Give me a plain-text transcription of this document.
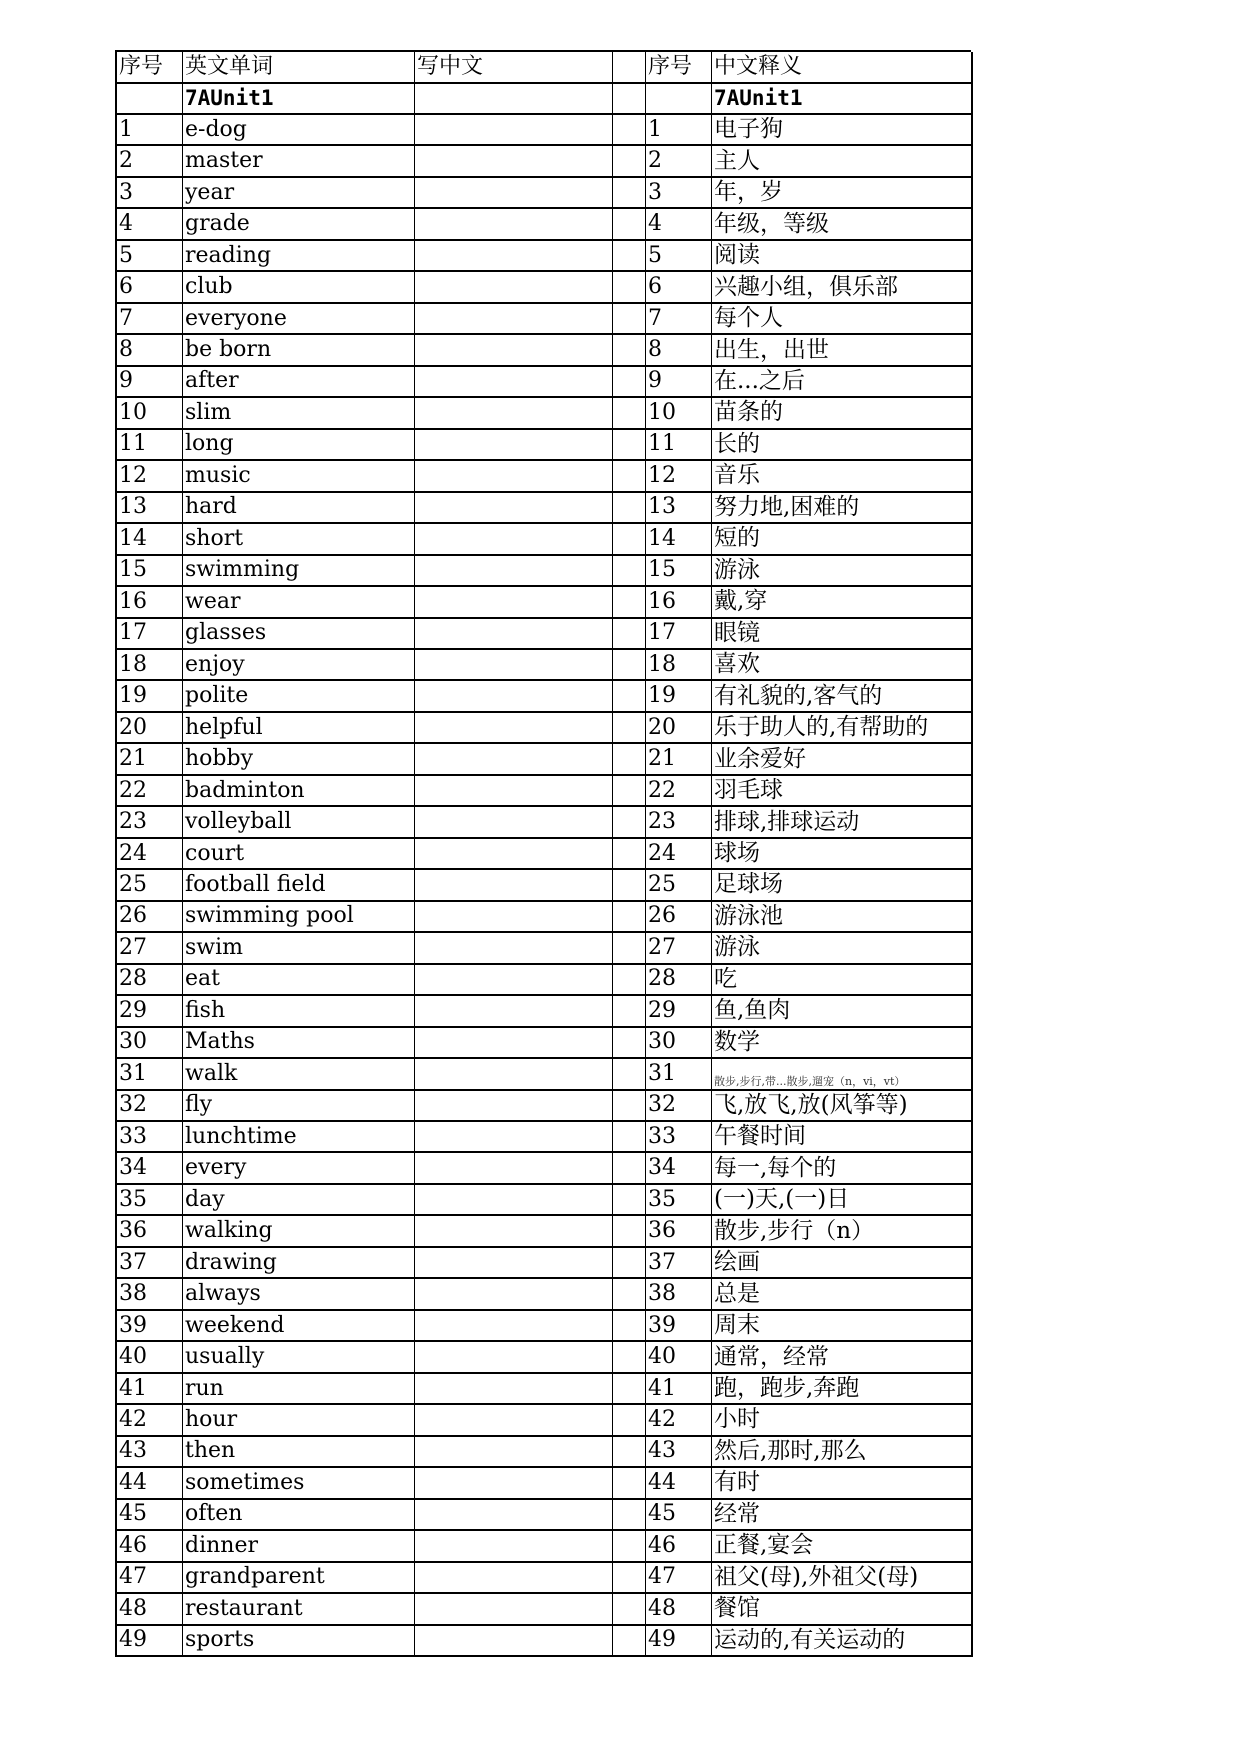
序号 英文单词	写中文	序号 中文释义
7AUnit1	7AUnit1
1	e-dog	1	电子狗
2	master	2	主人
3	year	3	年，岁
4	grade	4	年级，等级
5	reading	5	阅读
6	club	6	兴趣小组，俱乐部
7	everyone	7	每个人
8	be born	8	出生，出世
9	after	9	在...之后
10	slim	10	苗条的
11	long	11	长的
12	music	12	音乐
13	hard	13	努力地,困难的
14	short	14	短的
15	swimming	15	游泳
16	wear	16	戴,穿
17	glasses	17	眼镜
18	enjoy	18	喜欢
19	polite	19	有礼貌的,客气的
20	helpful	20	乐于助人的,有帮助的
21	hobby	21	业余爱好
22	badminton	22	羽毛球
23	volleyball	23	排球,排球运动
24	court	24	球场
25	football field	25	足球场
26	swimming pool	26	游泳池
27	swim	27	游泳
28	eat	28	吃
29	fish	29	鱼,鱼肉
30	Maths	30	数学
31	walk	31	散步,步行,带...散步,遛宠（n，vi，vt）
32	fly	32	飞,放飞,放(风筝等)
33	lunchtime	33	午餐时间
34	every	34	每一,每个的
35	day	35	(一)天,(一)日
36	walking	36	散步,步行（n）
37	drawing	37	绘画
38	always	38	总是
39	weekend	39	周末
40	usually	40	通常，经常
41	run	41	跑，跑步,奔跑
42	hour	42	小时
43	then	43	然后,那时,那么
44	sometimes	44	有时
45	often	45	经常
46	dinner	46	正餐,宴会
47	grandparent	47	祖父(母),外祖父(母)
48	restaurant	48	餐馆
49	sports	49	运动的,有关运动的
